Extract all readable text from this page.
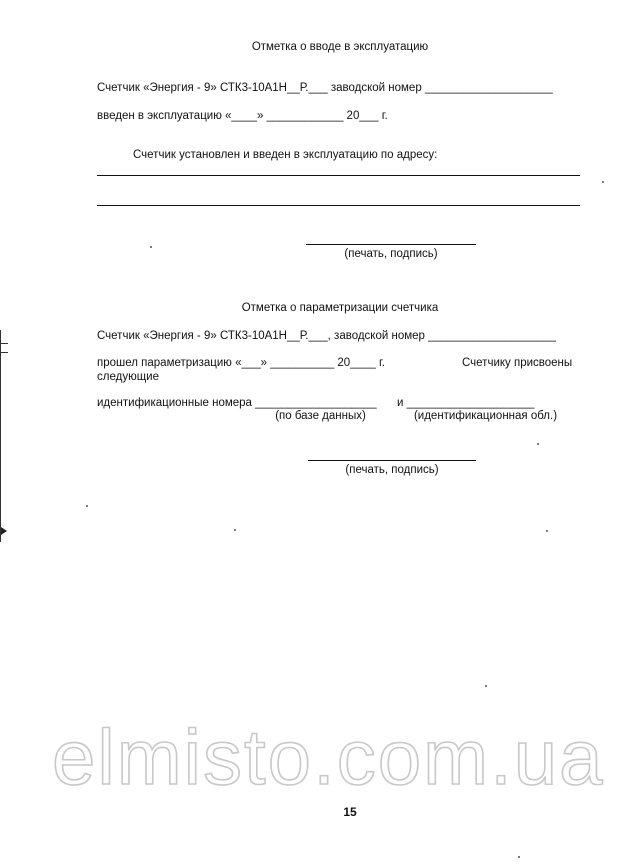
Отметка о вводе в эксплуатацию
Счетчик «Энергия - 9» СТК3-10А1Н__Р.___ заводской номер ____________________
введен в эксплуатацию «____» ____________ 20___ г.
Счетчик установлен и введен в эксплуатацию по адресу:
(печать, подпись)
Отметка о параметризации счетчика
Счетчик «Энергия - 9» СТК3-10А1Н__Р.___, заводской номер ____________________
прошел параметризацию «___» __________ 20____ г.	Счетчику присвоены
следующие
идентификационные номера ___________________ и ____________________
(по базе данных)	(идентификационная обл.)
(печать, подпись)
elmisto.com.ua
15
